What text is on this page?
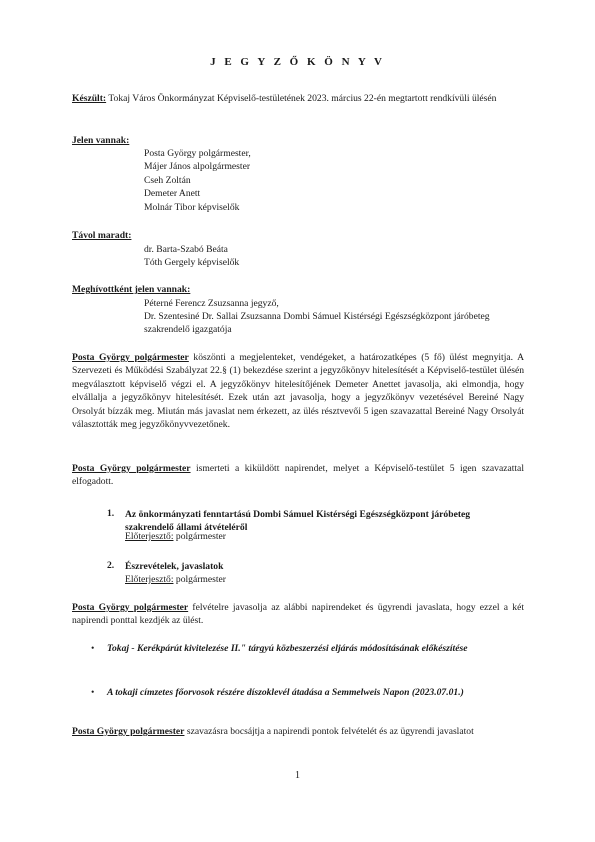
J E G Y Z Ő K Ö N Y V
Készült: Tokaj Város Önkormányzat Képviselő-testületének 2023. március 22-én megtartott rendkívüli ülésén
Jelen vannak:
Posta György polgármester,
Májer János alpolgármester
Cseh Zoltán
Demeter Anett
Molnár Tibor képviselők
Távol maradt:
dr. Barta-Szabó Beáta
Tóth Gergely képviselők
Meghívottként jelen vannak:
Péterné Ferencz Zsuzsanna jegyző,
Dr. Szentesiné Dr. Sallai Zsuzsanna Dombi Sámuel Kistérségi Egészségközpont járóbeteg szakrendelő igazgatója
Posta György polgármester köszönti a megjelenteket, vendégeket, a határozatképes (5 fő) ülést megnyitja. A Szervezeti és Működési Szabályzat 22.§ (1) bekezdése szerint a jegyzőkönyv hitelesítését a Képviselő-testület ülésén megválasztott képviselő végzi el. A jegyzőkönyv hitelesítőjének Demeter Anettet javasolja, aki elmondja, hogy elvállalja a jegyzőkönyv hitelesítését. Ezek után azt javasolja, hogy a jegyzőkönyv vezetésével Bereiné Nagy Orsolyát bízzák meg. Miután más javaslat nem érkezett, az ülés résztvevői 5 igen szavazattal Bereiné Nagy Orsolyát választották meg jegyzőkönyvvezetőnek.
Posta György polgármester ismerteti a kiküldött napirendet, melyet a Képviselő-testület 5 igen szavazattal elfogadott.
1. Az önkormányzati fenntartású Dombi Sámuel Kistérségi Egészségközpont járóbeteg szakrendelő állami átvételéről
Előterjesztő: polgármester
2. Észrevételek, javaslatok
Előterjesztő: polgármester
Posta György polgármester felvételre javasolja az alábbi napirendeket és ügyrendi javaslata, hogy ezzel a két napirendi ponttal kezdjék az ülést.
• Tokaj - Kerékpárút kivitelezése II." tárgyú közbeszerzési eljárás módosításának előkészítése
• A tokaji címzetes főorvosok részére díszoklevél átadása a Semmelweis Napon (2023.07.01.)
Posta György polgármester szavazásra bocsájtja a napirendi pontok felvételét és az ügyrendi javaslatot
1
